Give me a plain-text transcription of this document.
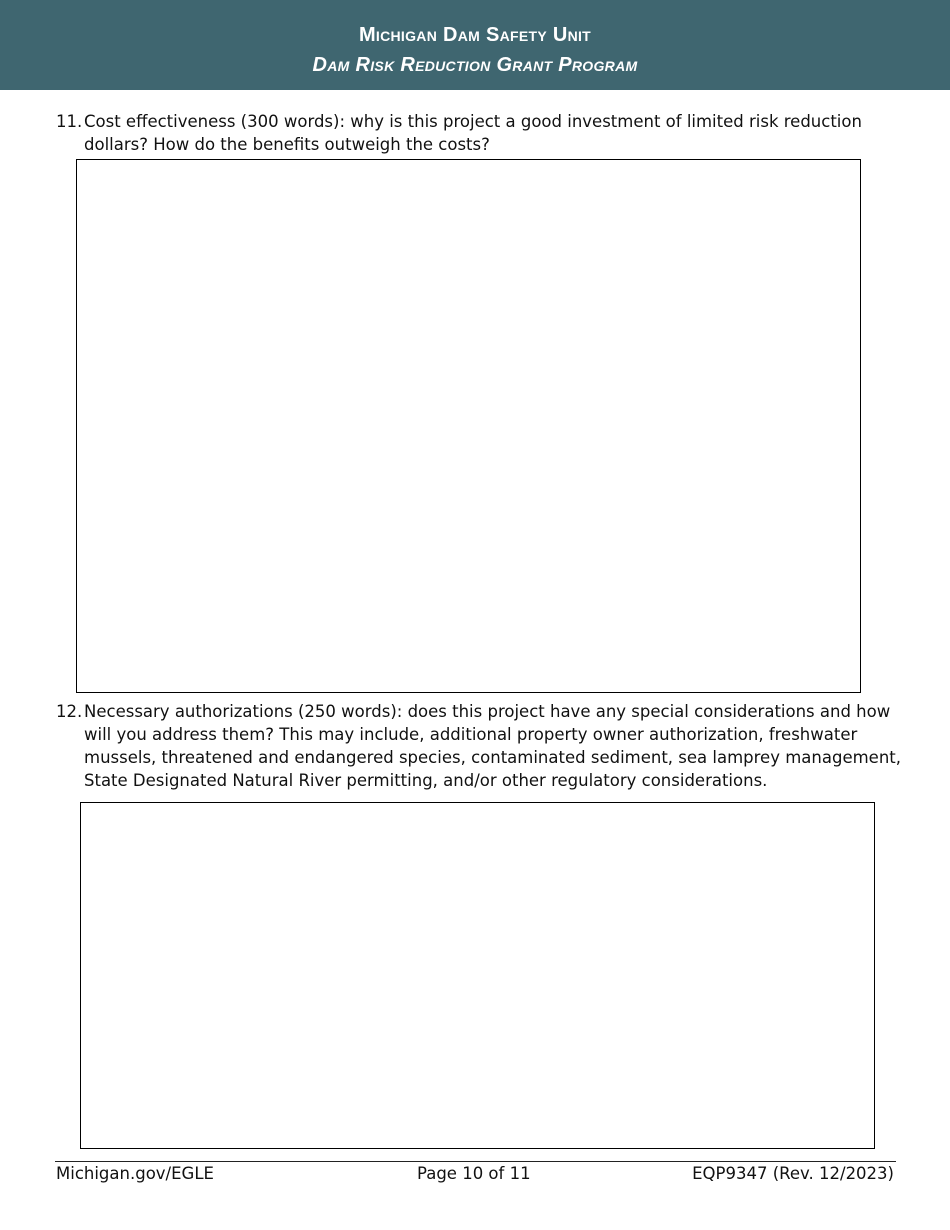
Michigan Dam Safety Unit
Dam Risk Reduction Grant Program
11. Cost effectiveness (300 words): why is this project a good investment of limited risk reduction dollars? How do the benefits outweigh the costs?
12. Necessary authorizations (250 words): does this project have any special considerations and how will you address them? This may include, additional property owner authorization, freshwater mussels, threatened and endangered species, contaminated sediment, sea lamprey management, State Designated Natural River permitting, and/or other regulatory considerations.
Michigan.gov/EGLE	Page 10 of 11	EQP9347 (Rev. 12/2023)
